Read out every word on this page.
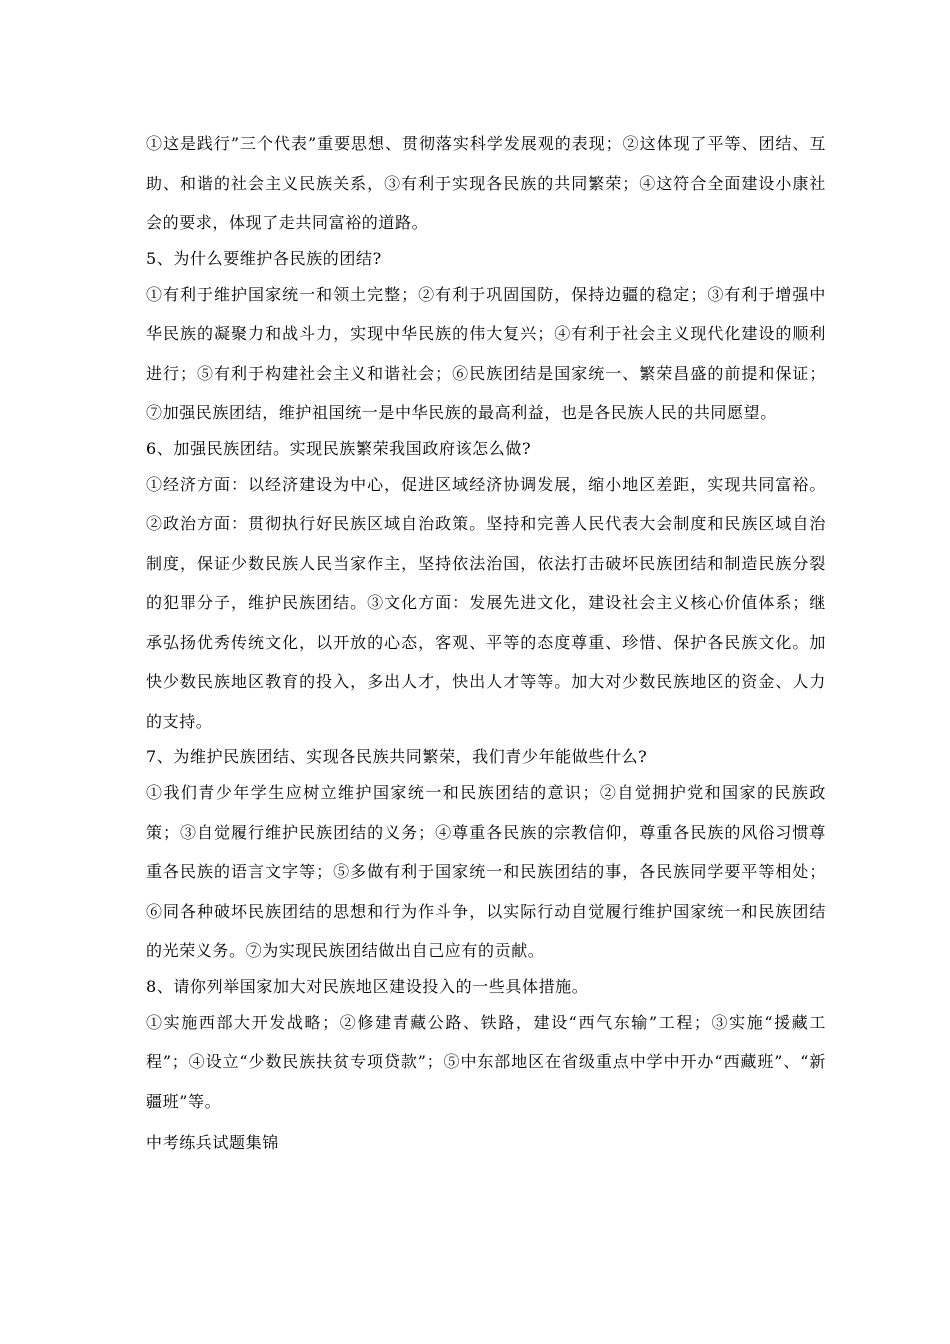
①这是践行”三个代表”重要思想、贯彻落实科学发展观的表现；②这体现了平等、团结、互助、和谐的社会主义民族关系，③有利于实现各民族的共同繁荣；④这符合全面建设小康社会的要求，体现了走共同富裕的道路。

5、为什么要维护各民族的团结?

①有利于维护国家统一和领土完整；②有利于巩固国防，保持边疆的稳定；③有利于增强中华民族的凝聚力和战斗力，实现中华民族的伟大复兴；④有利于社会主义现代化建设的顺利进行；⑤有利于构建社会主义和谐社会；⑥民族团结是国家统一、繁荣昌盛的前提和保证；⑦加强民族团结，维护祖国统一是中华民族的最高利益，也是各民族人民的共同愿望。

6、加强民族团结。实现民族繁荣我国政府该怎么做?

①经济方面：以经济建设为中心，促进区域经济协调发展，缩小地区差距，实现共同富裕。②政治方面：贯彻执行好民族区域自治政策。坚持和完善人民代表大会制度和民族区域自治制度，保证少数民族人民当家作主，坚持依法治国，依法打击破坏民族团结和制造民族分裂的犯罪分子，维护民族团结。③文化方面：发展先进文化，建设社会主义核心价值体系；继承弘扬优秀传统文化，以开放的心态，客观、平等的态度尊重、珍惜、保护各民族文化。加快少数民族地区教育的投入，多出人才，快出人才等等。加大对少数民族地区的资金、人力的支持。

7、为维护民族团结、实现各民族共同繁荣，我们青少年能做些什么?

①我们青少年学生应树立维护国家统一和民族团结的意识；②自觉拥护党和国家的民族政策；③自觉履行维护民族团结的义务；④尊重各民族的宗教信仰，尊重各民族的风俗习惯尊重各民族的语言文字等；⑤多做有利于国家统一和民族团结的事，各民族同学要平等相处；⑥同各种破坏民族团结的思想和行为作斗争，以实际行动自觉履行维护国家统一和民族团结的光荣义务。⑦为实现民族团结做出自己应有的贡献。

8、请你列举国家加大对民族地区建设投入的一些具体措施。

①实施西部大开发战略；②修建青藏公路、铁路，建设“西气东输”工程；③实施“援藏工程”；④设立“少数民族扶贫专项贷款”；⑤中东部地区在省级重点中学中开办“西藏班”、“新疆班”等。

中考练兵试题集锦
